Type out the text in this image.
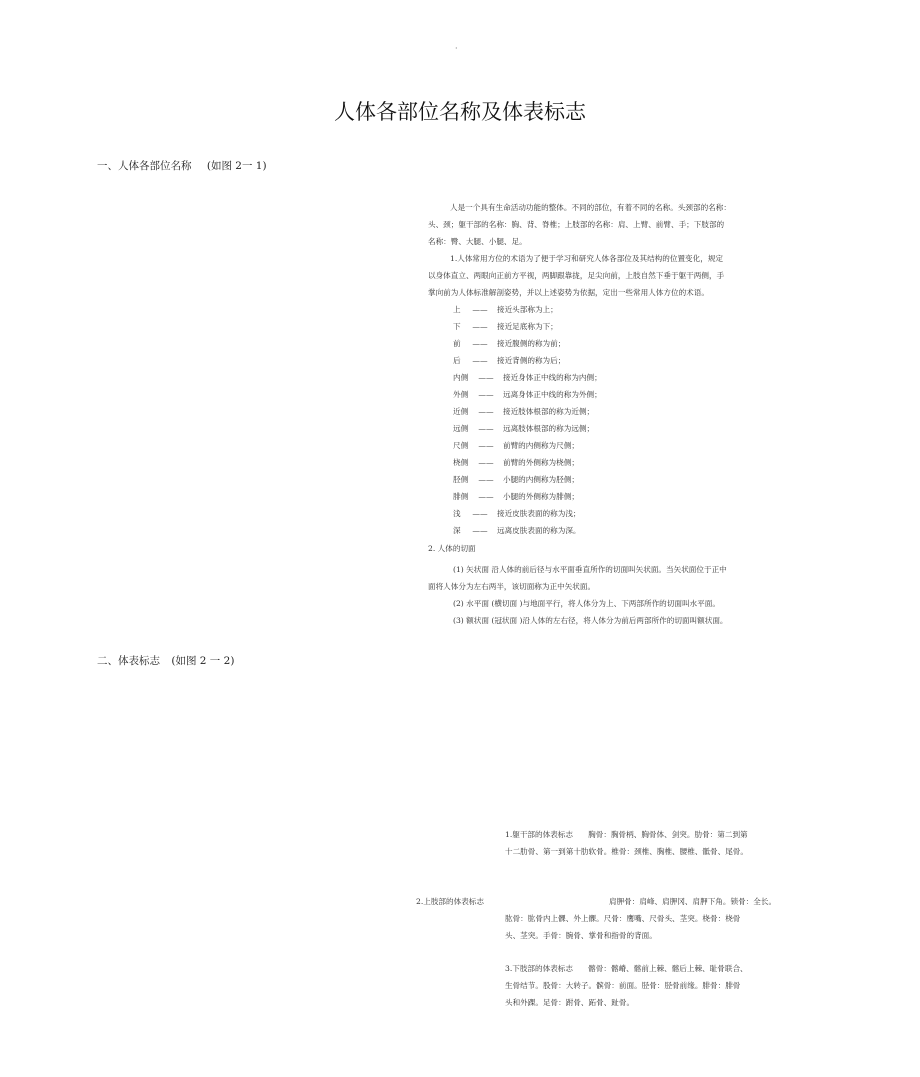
·
人体各部位名称及体表标志
一、人体各部位名称 (如图 2一 1)
人是一个具有生命活动功能的整体。不同的部位，有着不同的名称。头颈部的名称：
头、颈；躯干部的名称：胸、背、脊椎；上肢部的名称：肩、上臂、前臂、手；下肢部的
名称：臀、大腿、小腿、足。
1.人体常用方位的术语为了便于学习和研究人体各部位及其结构的位置变化，规定
以身体直立、两眼向正前方平视，两脚跟靠拢，足尖向前，上肢自然下垂于躯干两侧，手
掌向前为人体标准解剖姿势，并以上述姿势为依据，定出一些常用人体方位的术语。
上 —— 接近头部称为上；
下 —— 接近足底称为下；
前 —— 接近腹侧的称为前；
后 —— 接近背侧的称为后；
内侧 —— 接近身体正中线的称为内侧；
外侧 —— 远离身体正中线的称为外侧；
近侧 —— 接近肢体根部的称为近侧；
远侧 —— 远离肢体根部的称为远侧；
尺侧 —— 前臂的内侧称为尺侧；
桡侧 —— 前臂的外侧称为桡侧；
胫侧 —— 小腿的内侧称为胫侧；
腓侧 —— 小腿的外侧称为腓侧；
浅 —— 接近皮肤表面的称为浅；
深 —— 远离皮肤表面的称为深。
2. 人体的切面
(1) 矢状面 沿人体的前后径与水平面垂直所作的切面叫矢状面。当矢状面位于正中
面将人体分为左右两半，该切面称为正中矢状面。
(2) 水平面 (横切面 )与地面平行，将人体分为上、下两部所作的切面叫水平面。
(3) 额状面 (冠状面 )沿人体的左右径，将人体分为前后两部所作的切面叫额状面。
二、体表标志 (如图 2 一 2)
1.躯干部的体表标志　　胸骨：胸骨柄、胸骨体、剑突。肋骨：第二到第
十二肋骨、第一到第十肋软骨。椎骨：颈椎、胸椎、腰椎、骶骨、尾骨。
2.上肢部的体表标志	肩胛骨：肩峰、肩胛冈、肩胛下角。锁骨：全长。
肱骨：肱骨内上髁、外上髁。尺骨：鹰嘴、尺骨头、茎突。桡骨：桡骨
头、茎突。手骨：腕骨、掌骨和指骨的背面。
3.下肢部的体表标志　　髂骨：髂嵴、髂前上棘、髂后上棘、耻骨联合、
生骨结节。股骨：大转子。髌骨：前面。胫骨：胫骨前缘。腓骨：腓骨
头和外踝。足骨：跗骨、跖骨、趾骨。
